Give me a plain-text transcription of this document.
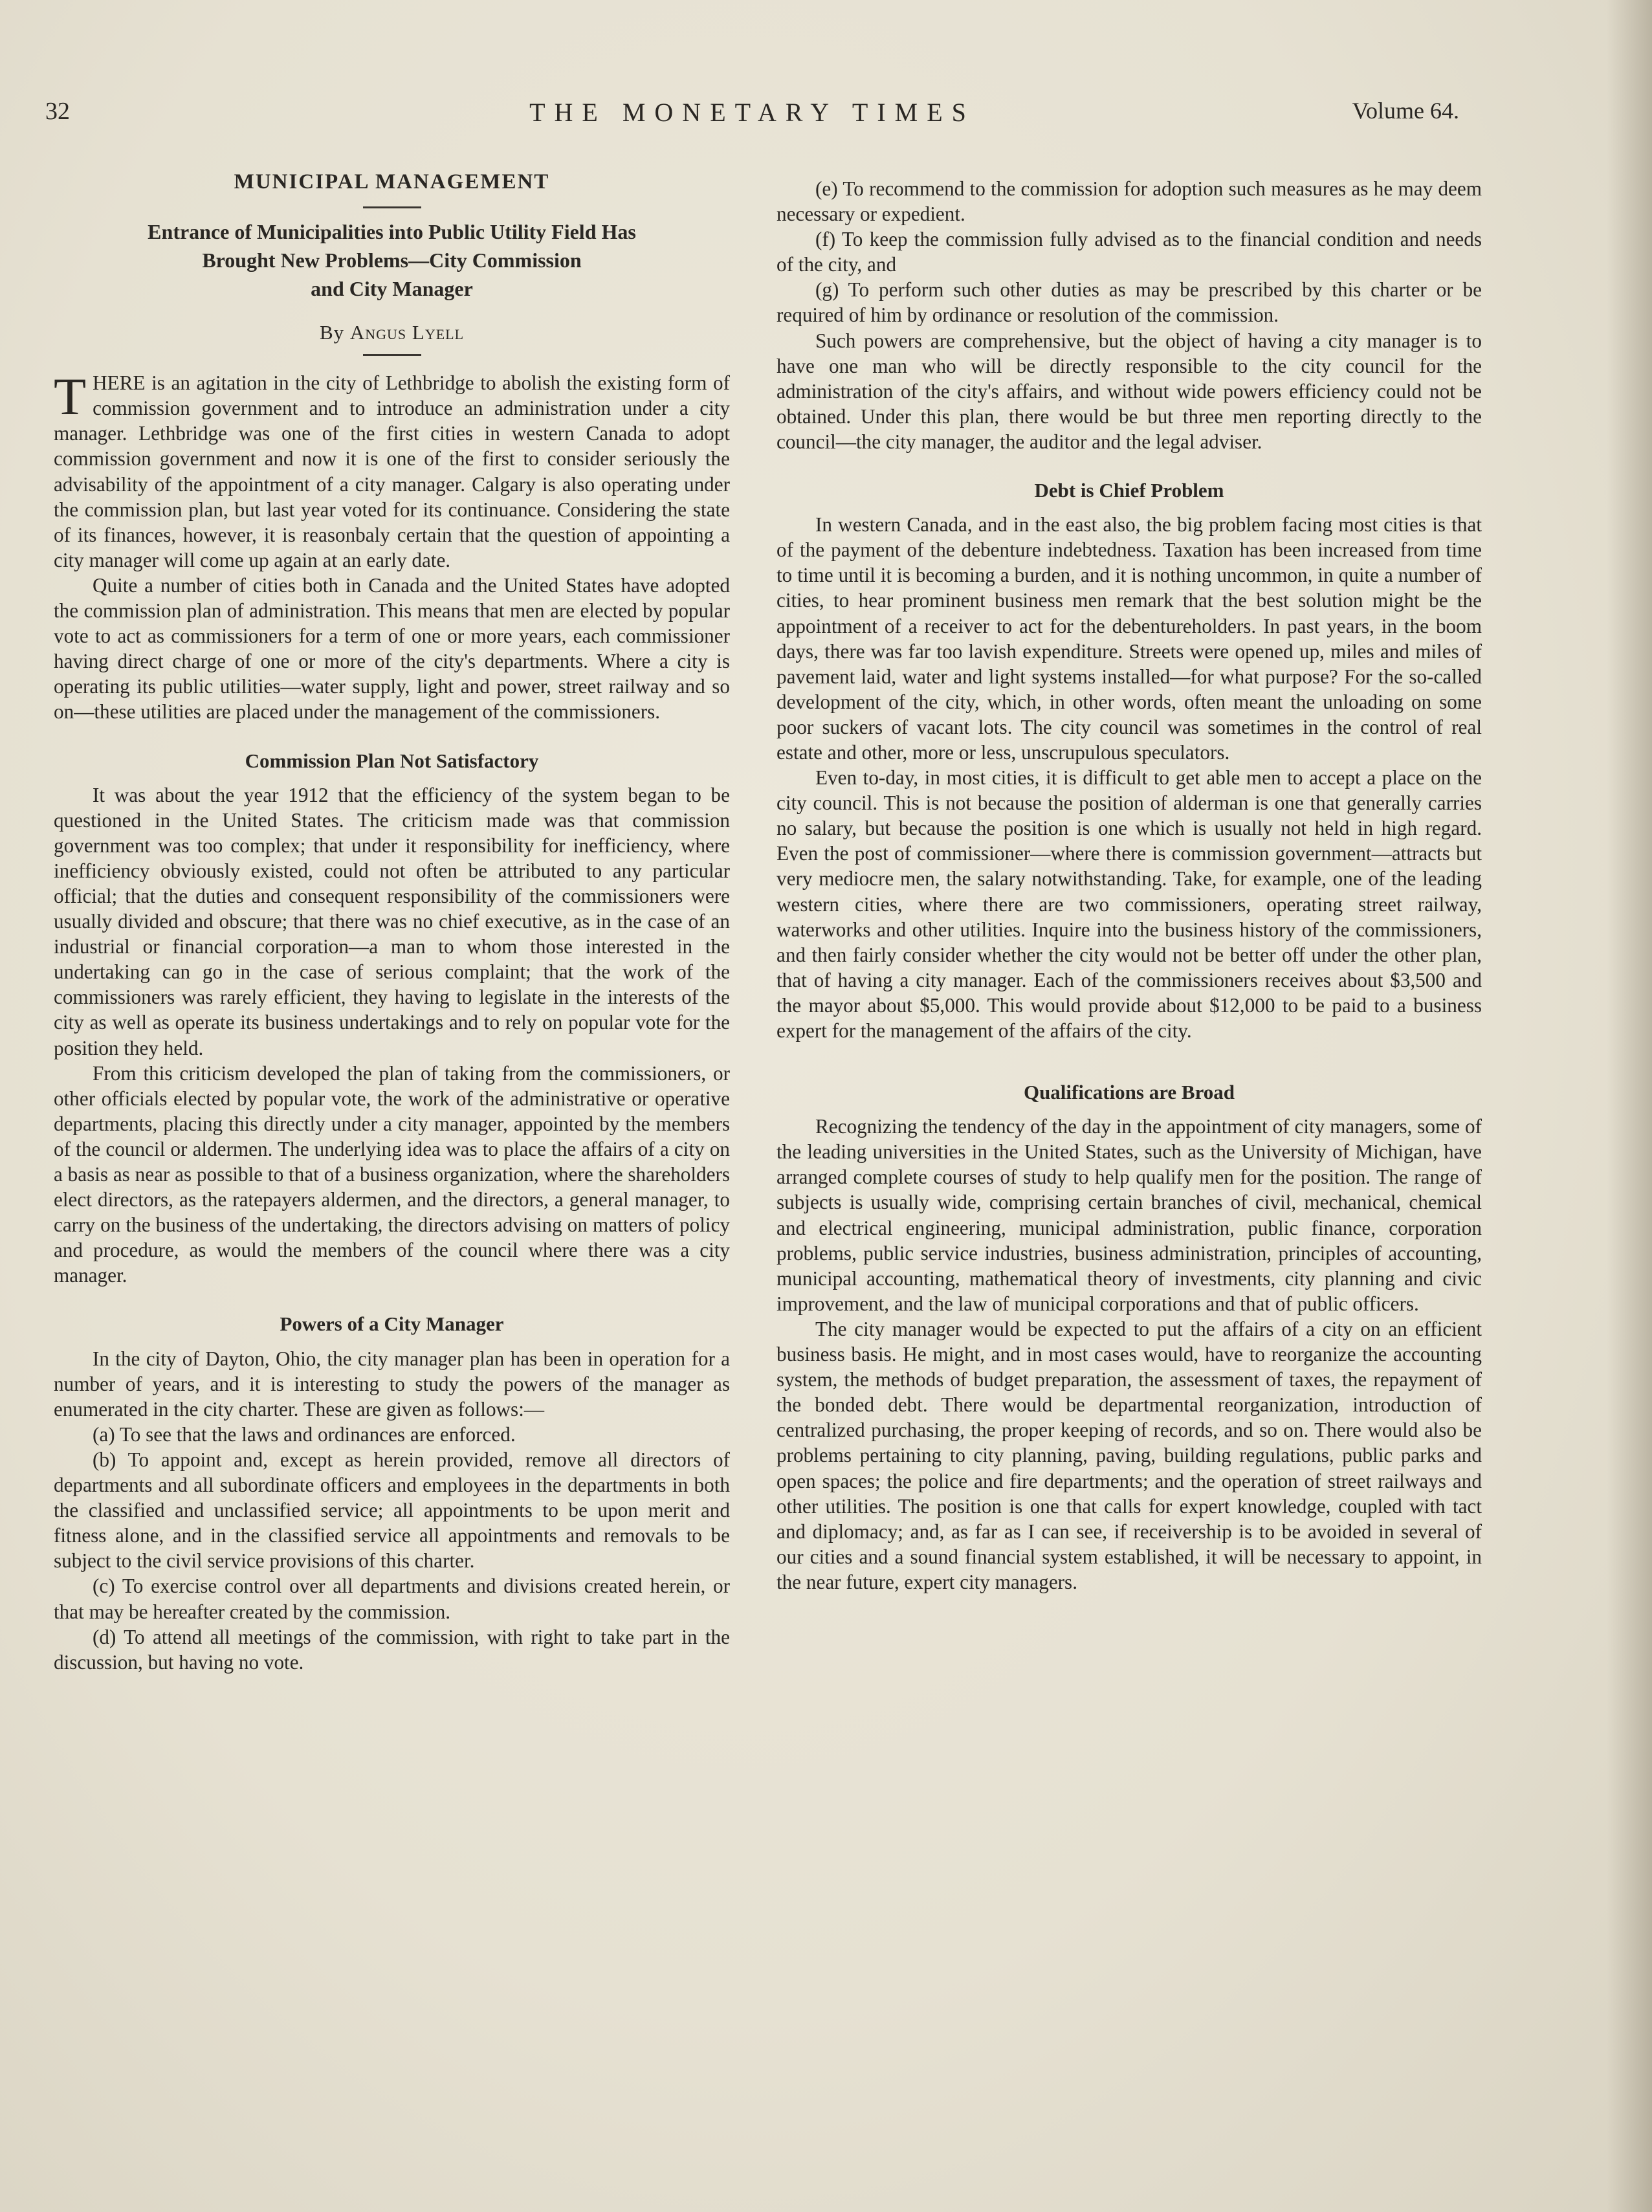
32	THE MONETARY TIMES	Volume 64.

MUNICIPAL MANAGEMENT

Entrance of Municipalities into Public Utility Field Has
Brought New Problems—City Commission
and City Manager

By Angus Lyell

THERE is an agitation in the city of Lethbridge to abolish the existing form of commission government and to introduce an administration under a city manager. Lethbridge was one of the first cities in western Canada to adopt commission government and now it is one of the first to consider seriously the advisability of the appointment of a city manager. Calgary is also operating under the commission plan, but last year voted for its continuance. Considering the state of its finances, however, it is reasonbaly certain that the question of appointing a city manager will come up again at an early date.

Quite a number of cities both in Canada and the United States have adopted the commission plan of administration. This means that men are elected by popular vote to act as commissioners for a term of one or more years, each commissioner having direct charge of one or more of the city's departments. Where a city is operating its public utilities—water supply, light and power, street railway and so on—these utilities are placed under the management of the commissioners.

Commission Plan Not Satisfactory

It was about the year 1912 that the efficiency of the system began to be questioned in the United States. The criticism made was that commission government was too complex; that under it responsibility for inefficiency, where inefficiency obviously existed, could not often be attributed to any particular official; that the duties and consequent responsibility of the commissioners were usually divided and obscure; that there was no chief executive, as in the case of an industrial or financial corporation—a man to whom those interested in the undertaking can go in the case of serious complaint; that the work of the commissioners was rarely efficient, they having to legislate in the interests of the city as well as operate its business undertakings and to rely on popular vote for the position they held.

From this criticism developed the plan of taking from the commissioners, or other officials elected by popular vote, the work of the administrative or operative departments, placing this directly under a city manager, appointed by the members of the council or aldermen. The underlying idea was to place the affairs of a city on a basis as near as possible to that of a business organization, where the shareholders elect directors, as the ratepayers aldermen, and the directors, a general manager, to carry on the business of the undertaking, the directors advising on matters of policy and procedure, as would the members of the council where there was a city manager.

Powers of a City Manager

In the city of Dayton, Ohio, the city manager plan has been in operation for a number of years, and it is interesting to study the powers of the manager as enumerated in the city charter. These are given as follows:—

(a) To see that the laws and ordinances are enforced.

(b) To appoint and, except as herein provided, remove all directors of departments and all subordinate officers and employees in the departments in both the classified and unclassified service; all appointments to be upon merit and fitness alone, and in the classified service all appointments and removals to be subject to the civil service provisions of this charter.

(c) To exercise control over all departments and divisions created herein, or that may be hereafter created by the commission.

(d) To attend all meetings of the commission, with right to take part in the discussion, but having no vote.

(e) To recommend to the commission for adoption such measures as he may deem necessary or expedient.

(f) To keep the commission fully advised as to the financial condition and needs of the city, and

(g) To perform such other duties as may be prescribed by this charter or be required of him by ordinance or resolution of the commission.

Such powers are comprehensive, but the object of having a city manager is to have one man who will be directly responsible to the city council for the administration of the city's affairs, and without wide powers efficiency could not be obtained. Under this plan, there would be but three men reporting directly to the council—the city manager, the auditor and the legal adviser.

Debt is Chief Problem

In western Canada, and in the east also, the big problem facing most cities is that of the payment of the debenture indebtedness. Taxation has been increased from time to time until it is becoming a burden, and it is nothing uncommon, in quite a number of cities, to hear prominent business men remark that the best solution might be the appointment of a receiver to act for the debentureholders. In past years, in the boom days, there was far too lavish expenditure. Streets were opened up, miles and miles of pavement laid, water and light systems installed—for what purpose? For the so-called development of the city, which, in other words, often meant the unloading on some poor suckers of vacant lots. The city council was sometimes in the control of real estate and other, more or less, unscrupulous speculators.

Even to-day, in most cities, it is difficult to get able men to accept a place on the city council. This is not because the position of alderman is one that generally carries no salary, but because the position is one which is usually not held in high regard. Even the post of commissioner—where there is commission government—attracts but very mediocre men, the salary notwithstanding. Take, for example, one of the leading western cities, where there are two commissioners, operating street railway, waterworks and other utilities. Inquire into the business history of the commissioners, and then fairly consider whether the city would not be better off under the other plan, that of having a city manager. Each of the commissioners receives about $3,500 and the mayor about $5,000. This would provide about $12,000 to be paid to a business expert for the management of the affairs of the city.

Qualifications are Broad

Recognizing the tendency of the day in the appointment of city managers, some of the leading universities in the United States, such as the University of Michigan, have arranged complete courses of study to help qualify men for the position. The range of subjects is usually wide, comprising certain branches of civil, mechanical, chemical and electrical engineering, municipal administration, public finance, corporation problems, public service industries, business administration, principles of accounting, municipal accounting, mathematical theory of investments, city planning and civic improvement, and the law of municipal corporations and that of public officers.

The city manager would be expected to put the affairs of a city on an efficient business basis. He might, and in most cases would, have to reorganize the accounting system, the methods of budget preparation, the assessment of taxes, the repayment of the bonded debt. There would be departmental reorganization, introduction of centralized purchasing, the proper keeping of records, and so on. There would also be problems pertaining to city planning, paving, building regulations, public parks and open spaces; the police and fire departments; and the operation of street railways and other utilities. The position is one that calls for expert knowledge, coupled with tact and diplomacy; and, as far as I can see, if receivership is to be avoided in several of our cities and a sound financial system established, it will be necessary to appoint, in the near future, expert city managers.
